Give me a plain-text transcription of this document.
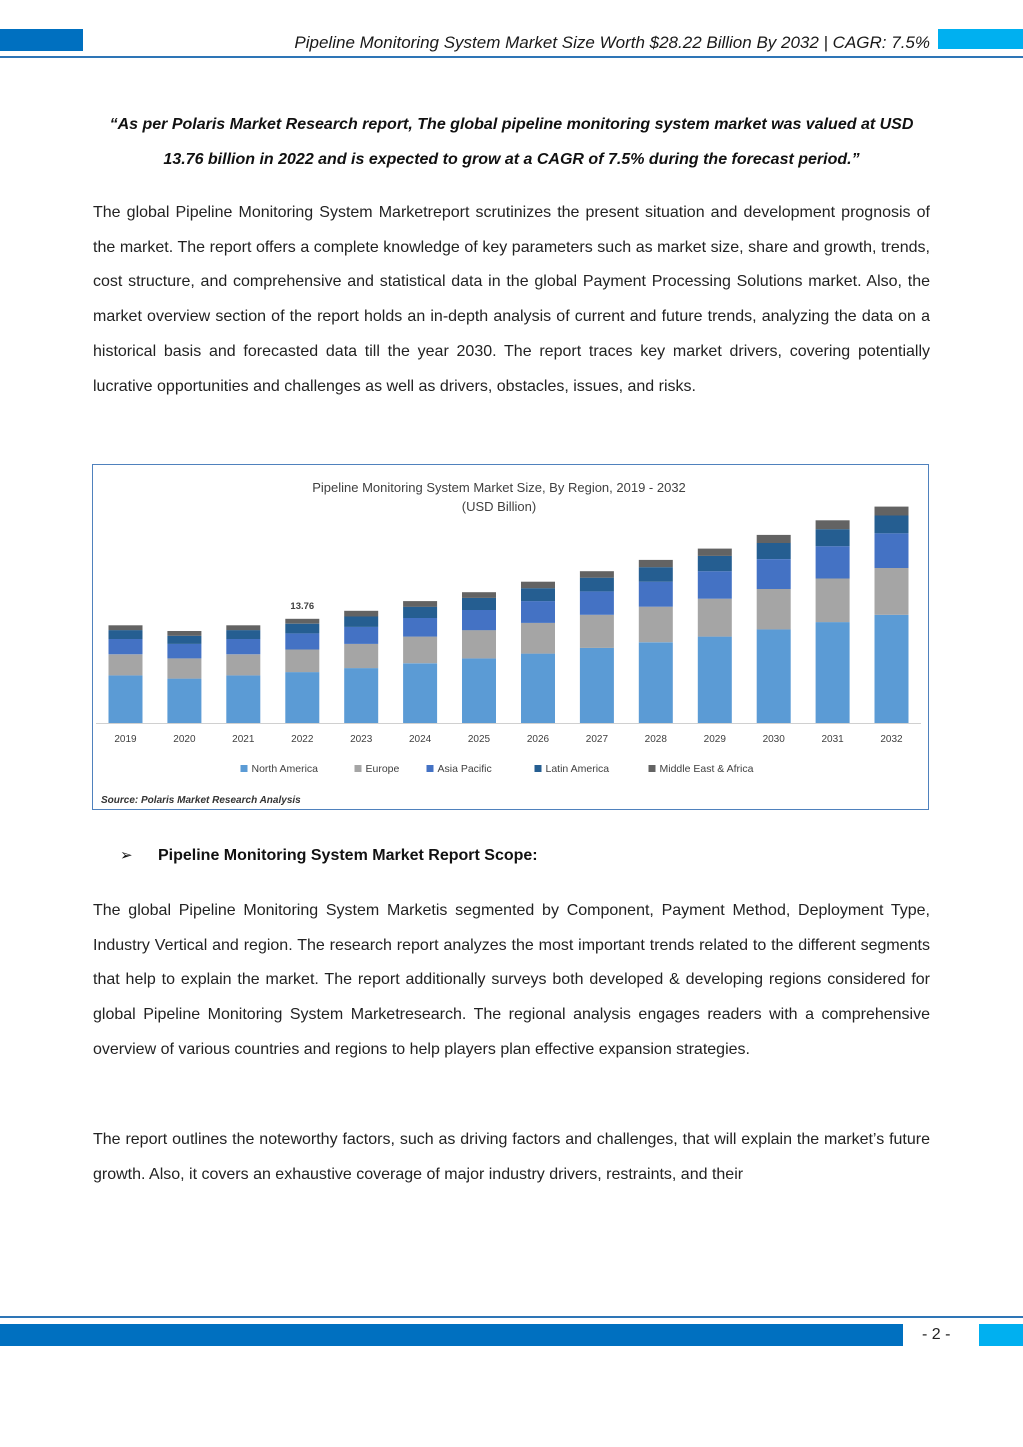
Pipeline Monitoring System Market Size Worth $28.22 Billion By 2032 | CAGR: 7.5%
“As per Polaris Market Research report, The global pipeline monitoring system market was valued at USD 13.76 billion in 2022 and is expected to grow at a CAGR of 7.5% during the forecast period.”
The global Pipeline Monitoring System Marketreport scrutinizes the present situation and development prognosis of the market. The report offers a complete knowledge of key parameters such as market size, share and growth, trends, cost structure, and comprehensive and statistical data in the global Payment Processing Solutions market. Also, the market overview section of the report holds an in-depth analysis of current and future trends, analyzing the data on a historical basis and forecasted data till the year 2030. The report traces key market drivers, covering potentially lucrative opportunities and challenges as well as drivers, obstacles, issues, and risks.
Pipeline Monitoring System Market Size, By Region, 2019 - 2032
(USD Billion)
2019	2020	2021	2022
13.76
2023	2024	2025	2026	2027	2028	2029	2030	2031	2032
North America	Europe	Asia Pacific	Latin America	Middle East & Africa
Source: Polaris Market Research Analysis
➢ Pipeline Monitoring System Market Report Scope:
The global Pipeline Monitoring System Marketis segmented by Component, Payment Method, Deployment Type, Industry Vertical and region. The research report analyzes the most important trends related to the different segments that help to explain the market. The report additionally surveys both developed & developing regions considered for global Pipeline Monitoring System Marketresearch. The regional analysis engages readers with a comprehensive overview of various countries and regions to help players plan effective expansion strategies.
The report outlines the noteworthy factors, such as driving factors and challenges, that will explain the market’s future growth. Also, it covers an exhaustive coverage of major industry drivers, restraints, and their
- 2 -
